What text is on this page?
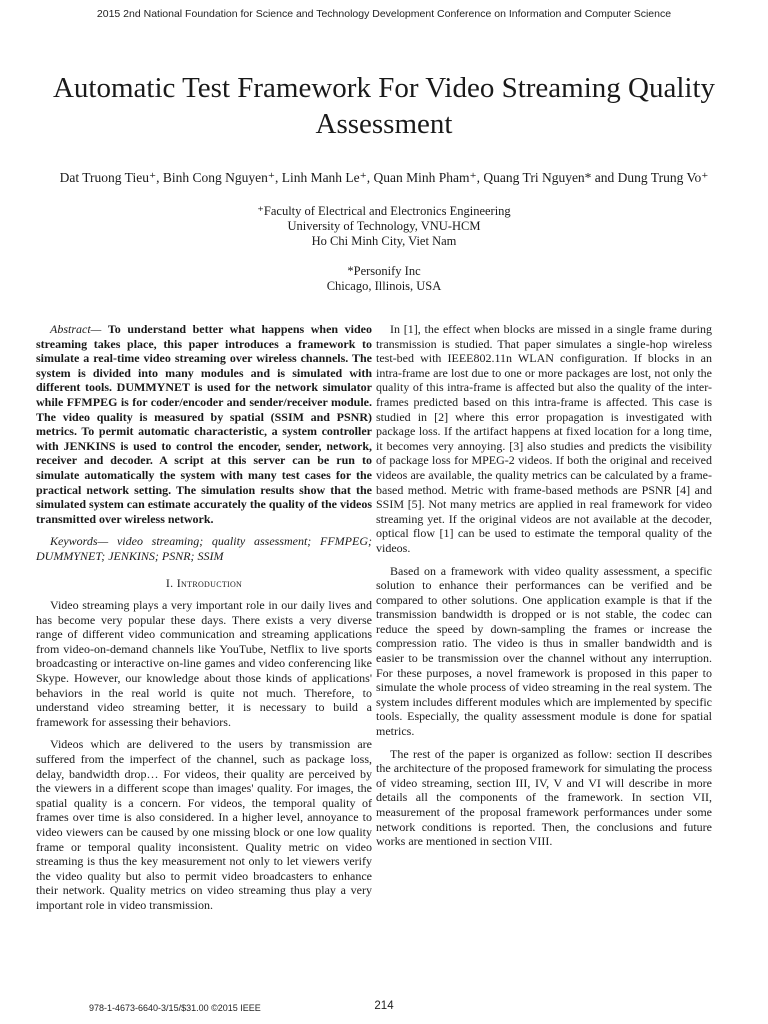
2015 2nd National Foundation for Science and Technology Development Conference on Information and Computer Science
Automatic Test Framework For Video Streaming Quality Assessment
Dat Truong Tieu⁺, Binh Cong Nguyen⁺, Linh Manh Le⁺, Quan Minh Pham⁺, Quang Tri Nguyen* and Dung Trung Vo⁺
⁺Faculty of Electrical and Electronics Engineering
University of Technology, VNU-HCM
Ho Chi Minh City, Viet Nam
*Personify Inc
Chicago, Illinois, USA

Abstract— To understand better what happens when video streaming takes place, this paper introduces a framework to simulate a real-time video streaming over wireless channels. The system is divided into many modules and is simulated with different tools. DUMMYNET is used for the network simulator while FFMPEG is for coder/encoder and sender/receiver module. The video quality is measured by spatial (SSIM and PSNR) metrics. To permit automatic characteristic, a system controller with JENKINS is used to control the encoder, sender, network, receiver and decoder. A script at this server can be run to simulate automatically the system with many test cases for the practical network setting. The simulation results show that the simulated system can estimate accurately the quality of the videos transmitted over wireless network.

Keywords— video streaming; quality assessment; FFMPEG; DUMMYNET; JENKINS; PSNR; SSIM

I. Introduction

Video streaming plays a very important role in our daily lives and has become very popular these days. There exists a very diverse range of different video communication and streaming applications from video-on-demand channels like YouTube, Netflix to live sports broadcasting or interactive on-line games and video conferencing like Skype. However, our knowledge about those kinds of applications' behaviors in the real world is quite not much. Therefore, to understand video streaming better, it is necessary to build a framework for assessing their behaviors.

Videos which are delivered to the users by transmission are suffered from the imperfect of the channel, such as package loss, delay, bandwidth drop… For videos, their quality are perceived by the viewers in a different scope than images' quality. For images, the spatial quality is a concern. For videos, the temporal quality of frames over time is also considered. In a higher level, annoyance to video viewers can be caused by one missing block or one low quality frame or temporal quality inconsistent. Quality metric on video streaming is thus the key measurement not only to let viewers verify the video quality but also to permit video broadcasters to enhance their network. Quality metrics on video streaming thus play a very important role in video transmission.

In [1], the effect when blocks are missed in a single frame during transmission is studied. That paper simulates a single-hop wireless test-bed with IEEE802.11n WLAN configuration. If blocks in an intra-frame are lost due to one or more packages are lost, not only the quality of this intra-frame is affected but also the quality of the inter-frames predicted based on this intra-frame is affected. This case is studied in [2] where this error propagation is investigated with package loss. If the artifact happens at fixed location for a long time, it becomes very annoying. [3] also studies and predicts the visibility of package loss for MPEG-2 videos. If both the original and received videos are available, the quality metrics can be calculated by a frame-based method. Metric with frame-based methods are PSNR [4] and SSIM [5]. Not many metrics are applied in real framework for video streaming yet. If the original videos are not available at the decoder, optical flow [1] can be used to estimate the temporal quality of the videos.

Based on a framework with video quality assessment, a specific solution to enhance their performances can be verified and be compared to other solutions. One application example is that if the transmission bandwidth is dropped or is not stable, the codec can reduce the speed by down-sampling the frames or increase the compression ratio. The video is thus in smaller bandwidth and is easier to be transmission over the channel without any interruption. For these purposes, a novel framework is proposed in this paper to simulate the whole process of video streaming in the real system. The system includes different modules which are implemented by specific tools. Especially, the quality assessment module is done for spatial metrics.

The rest of the paper is organized as follow: section II describes the architecture of the proposed framework for simulating the process of video streaming, section III, IV, V and VI will describe in more details all the components of the framework. In section VII, measurement of the proposal framework performances under some network conditions is reported. Then, the conclusions and future works are mentioned in section VIII.

978-1-4673-6640-3/15/$31.00 ©2015 IEEE	214
